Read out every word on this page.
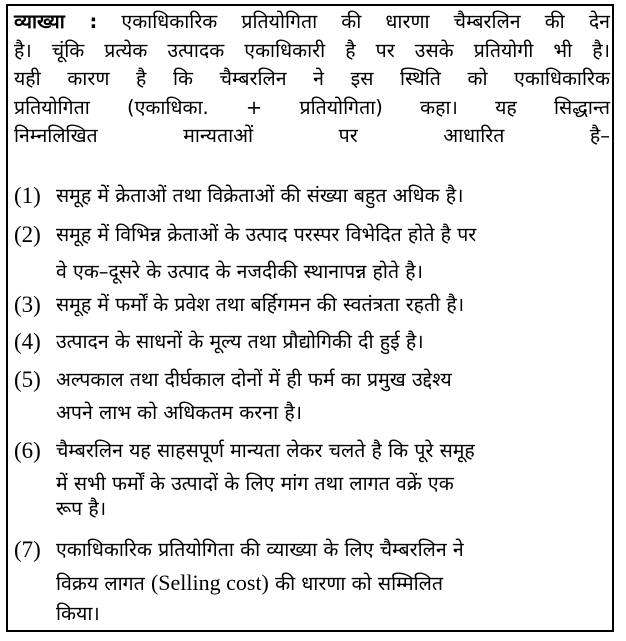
व्याख्या : एकाधिकारिक प्रतियोगिता की धारणा चैम्बरलिन की देन
है। चूंकि प्रत्येक उत्पादक एकाधिकारी है पर उसके प्रतियोगी भी है।
यही कारण है कि चैम्बरलिन ने इस स्थिति को एकाधिकारिक
प्रतियोगिता (एकाधिका. + प्रतियोगिता) कहा। यह सिद्धान्त
निम्नलिखित मान्यताओं पर आधारित है–
(1) समूह में क्रेताओं तथा विक्रेताओं की संख्या बहुत अधिक है।
(2) समूह में विभिन्न क्रेताओं के उत्पाद परस्पर विभेदित होते है पर
वे एक–दूसरे के उत्पाद के नजदीकी स्थानापन्न होते है।
(3) समूह में फर्मों के प्रवेश तथा बर्हिगमन की स्वतंत्रता रहती है।
(4) उत्पादन के साधनों के मूल्य तथा प्रौद्योगिकी दी हुई है।
(5) अल्पकाल तथा दीर्घकाल दोनों में ही फर्म का प्रमुख उद्देश्य
अपने लाभ को अधिकतम करना है।
(6) चैम्बरलिन यह साहसपूर्ण मान्यता लेकर चलते है कि पूरे समूह
में सभी फर्मों के उत्पादों के लिए मांग तथा लागत वक्रें एक
रूप है।
(7) एकाधिकारिक प्रतियोगिता की व्याख्या के लिए चैम्बरलिन ने
विक्रय लागत (Selling cost) की धारणा को सम्मिलित
किया।
